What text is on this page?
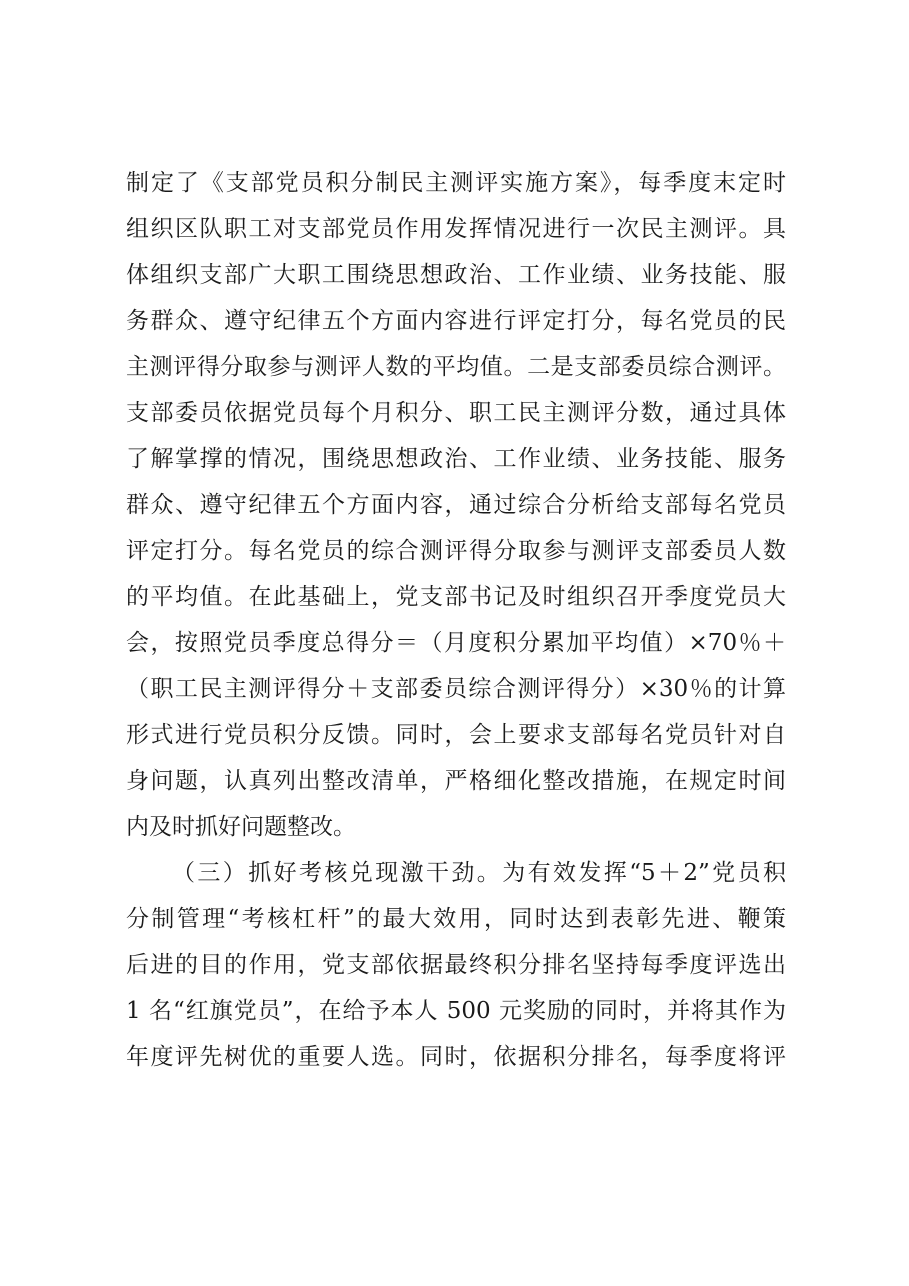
制定了《支部党员积分制民主测评实施方案》，每季度末定时
组织区队职工对支部党员作用发挥情况进行一次民主测评。具
体组织支部广大职工围绕思想政治、工作业绩、业务技能、服
务群众、遵守纪律五个方面内容进行评定打分，每名党员的民
主测评得分取参与测评人数的平均值。二是支部委员综合测评。
支部委员依据党员每个月积分、职工民主测评分数，通过具体
了解掌撑的情况，围绕思想政治、工作业绩、业务技能、服务
群众、遵守纪律五个方面内容，通过综合分析给支部每名党员
评定打分。每名党员的综合测评得分取参与测评支部委员人数
的平均值。在此基础上，党支部书记及时组织召开季度党员大
会，按照党员季度总得分＝（月度积分累加平均值）×70％＋
（职工民主测评得分＋支部委员综合测评得分）×30％的计算
形式进行党员积分反馈。同时，会上要求支部每名党员针对自
身问题，认真列出整改清单，严格细化整改措施，在规定时间
内及时抓好问题整改。
（三）抓好考核兑现激干劲。为有效发挥“5＋2”党员积
分制管理“考核杠杆”的最大效用，同时达到表彰先进、鞭策
后进的目的作用，党支部依据最终积分排名坚持每季度评选出
1 名“红旗党员”，在给予本人 500 元奖励的同时，并将其作为
年度评先树优的重要人选。同时，依据积分排名，每季度将评
